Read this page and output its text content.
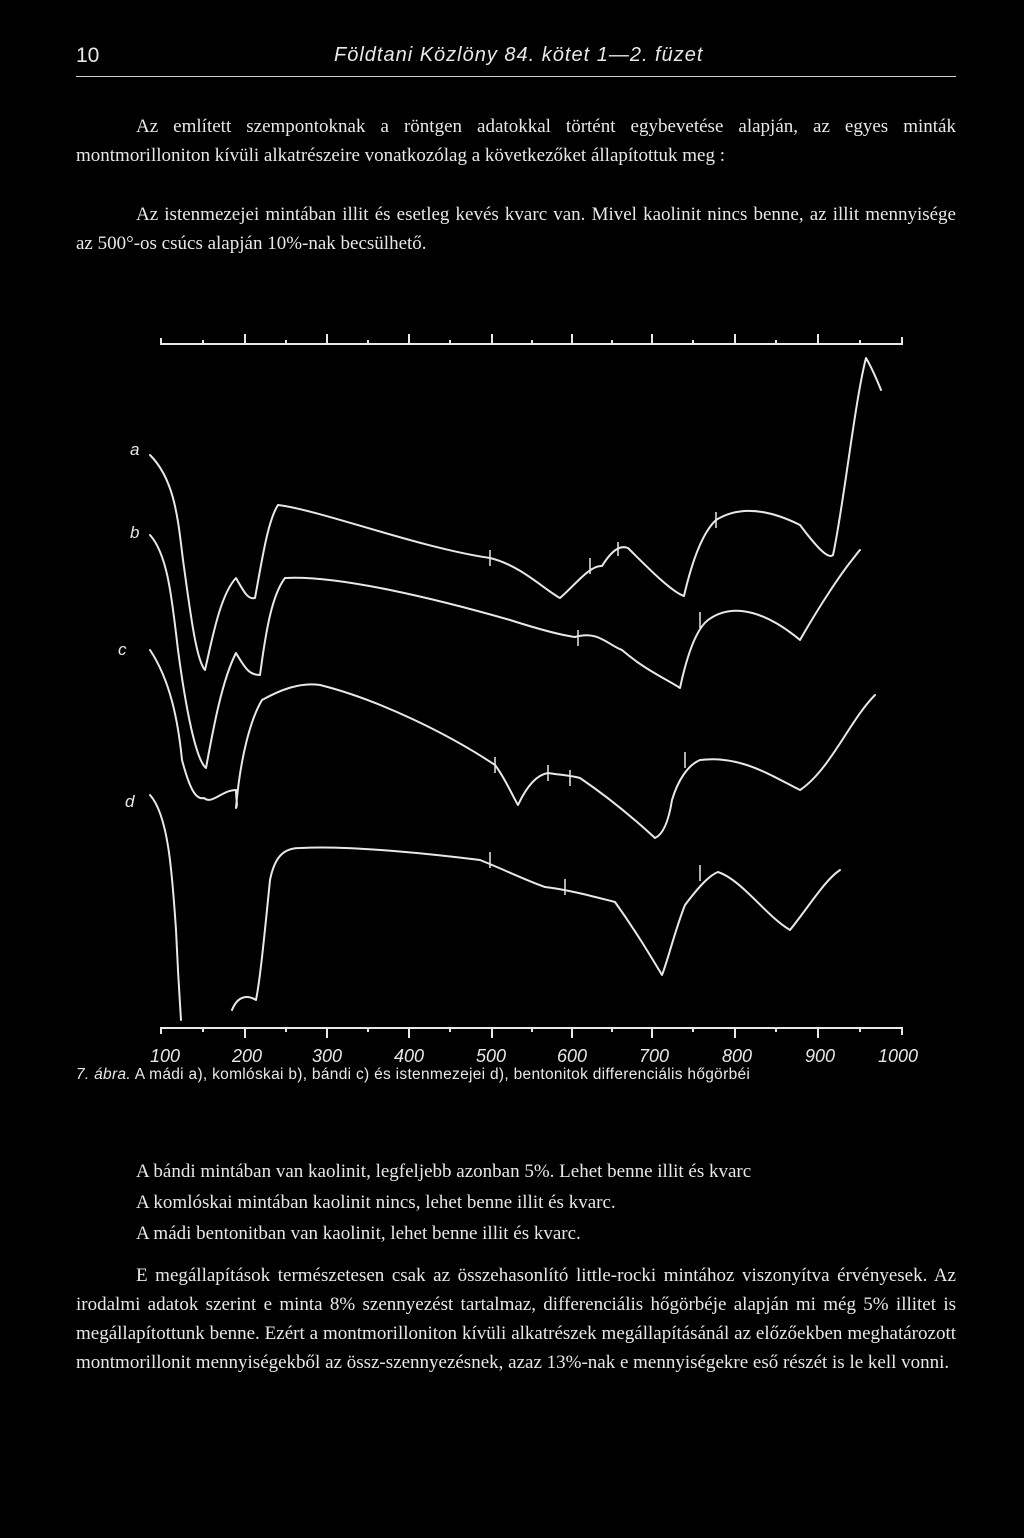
10	Földtani Közlöny 84. kötet 1—2. füzet

Az említett szempontoknak a röntgen adatokkal történt egybevetése alapján, az egyes minták montmorilloniton kívüli alkatrészeire vonatkozólag a következőket állapítottuk meg :

Az istenmezejei mintában illit és esetleg kevés kvarc van. Mivel kaolinit nincs benne, az illit mennyisége az 500°-os csúcs alapján 10%-nak becsülhető.

a
b
c
d
100	200	300	400	500	600	700	800	900 1000
7. ábra. A mádi a), komlóskai b), bándi c) és istenmezejei d), bentonitok differenciális hőgörbéi
A bándi mintában van kaolinit, legfeljebb azonban 5%. Lehet benne illit és kvarc
A komlóskai mintában kaolinit nincs, lehet benne illit és kvarc.
A mádi bentonitban van kaolinit, lehet benne illit és kvarc.

E megállapítások természetesen csak az összehasonlító little-rocki mintához viszonyítva érvényesek. Az irodalmi adatok szerint e minta 8% szennyezést tartalmaz, differenciális hőgörbéje alapján mi még 5% illitet is megállapítottunk benne. Ezért a montmorilloniton kívüli alkatrészek megállapításánál az előzőekben meghatározott montmorillonit mennyiségekből az össz-szennyezésnek, azaz 13%-nak e mennyiségekre eső részét is le kell vonni.
